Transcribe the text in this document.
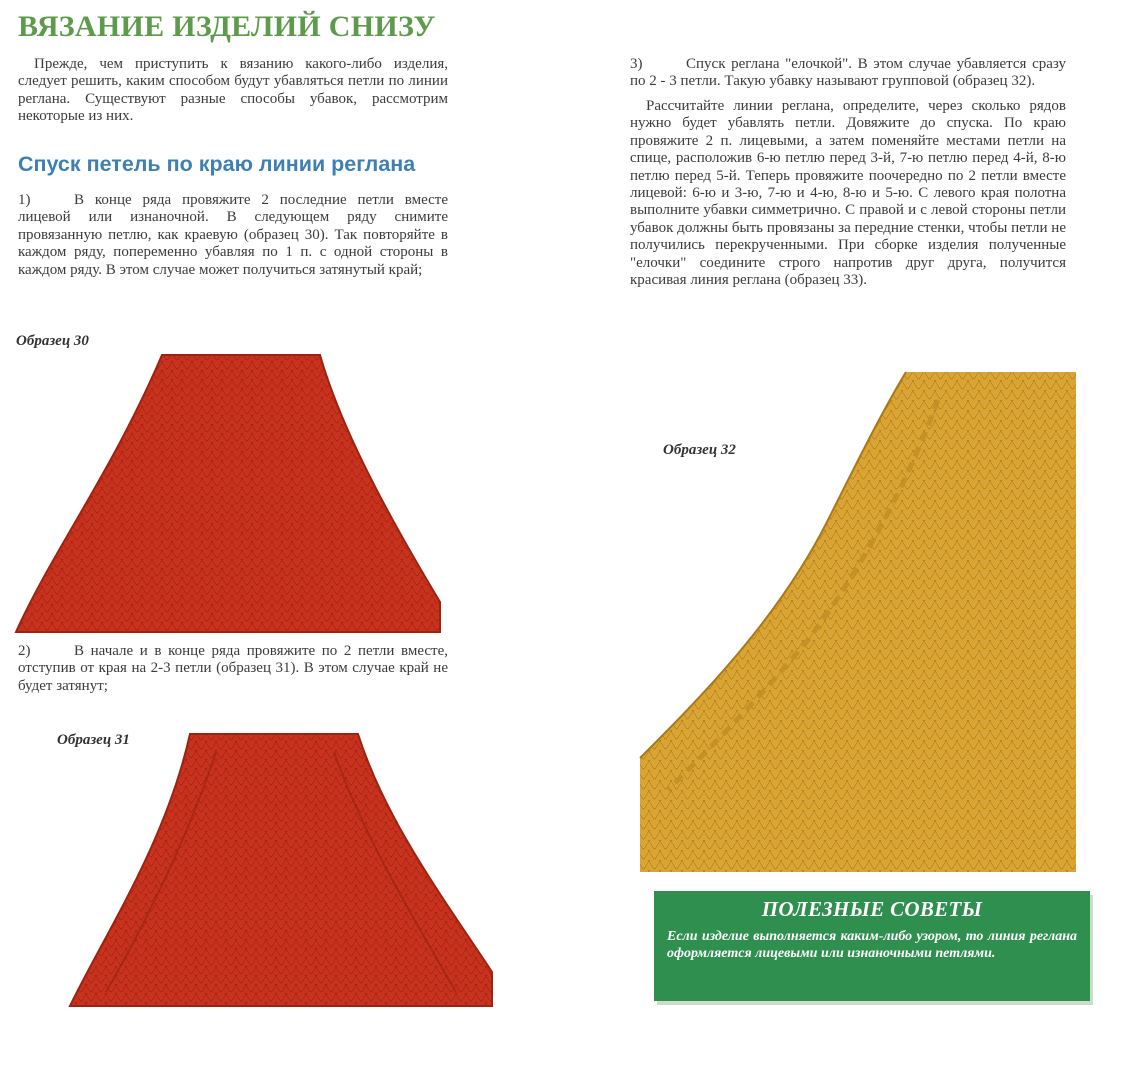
ВЯЗАНИЕ ИЗДЕЛИЙ СНИЗУ

Прежде, чем приступить к вязанию какого-либо изделия, следует решить, каким способом будут убавляться петли по линии реглана. Существуют разные способы убавок, рассмотрим некоторые из них.

Спуск петель по краю линии реглана

1)	В конце ряда провяжите 2 последние петли вместе лицевой или изнаночной. В следующем ряду снимите провязанную петлю, как краевую (образец 30). Так повторяйте в каждом ряду, попеременно убавляя по 1 п. с одной стороны в каждом ряду. В этом случае может получиться затянутый край;

Образец 30

2)	В начале и в конце ряда провяжите по 2 петли вместе, отступив от края на 2-3 петли (образец 31). В этом случае край не будет затянут;

Образец 31

3)	Спуск реглана "елочкой". В этом случае убавляется сразу по 2 - 3 петли. Такую убавку называют групповой (образец 32).

Рассчитайте линии реглана, определите, через сколько рядов нужно будет убавлять петли. Довяжите до спуска. По краю провяжите 2 п. лицевыми, а затем поменяйте местами петли на спице, расположив 6-ю петлю перед 3-й, 7-ю петлю перед 4-й, 8-ю петлю перед 5-й. Теперь провяжите поочередно по 2 петли вместе лицевой: 6-ю и 3-ю, 7-ю и 4-ю, 8-ю и 5-ю. С левого края полотна выполните убавки симметрично. С правой и с левой стороны петли убавок должны быть провязаны за передние стенки, чтобы петли не получились перекрученными. При сборке изделия полученные "елочки" соедините строго напротив друг друга, получится красивая линия реглана (образец 33).

Образец 32

ПОЛЕЗНЫЕ СОВЕТЫ

Если изделие выполняется каким-либо узором, то линия реглана оформляется лицевыми или изнаночными петлями.
